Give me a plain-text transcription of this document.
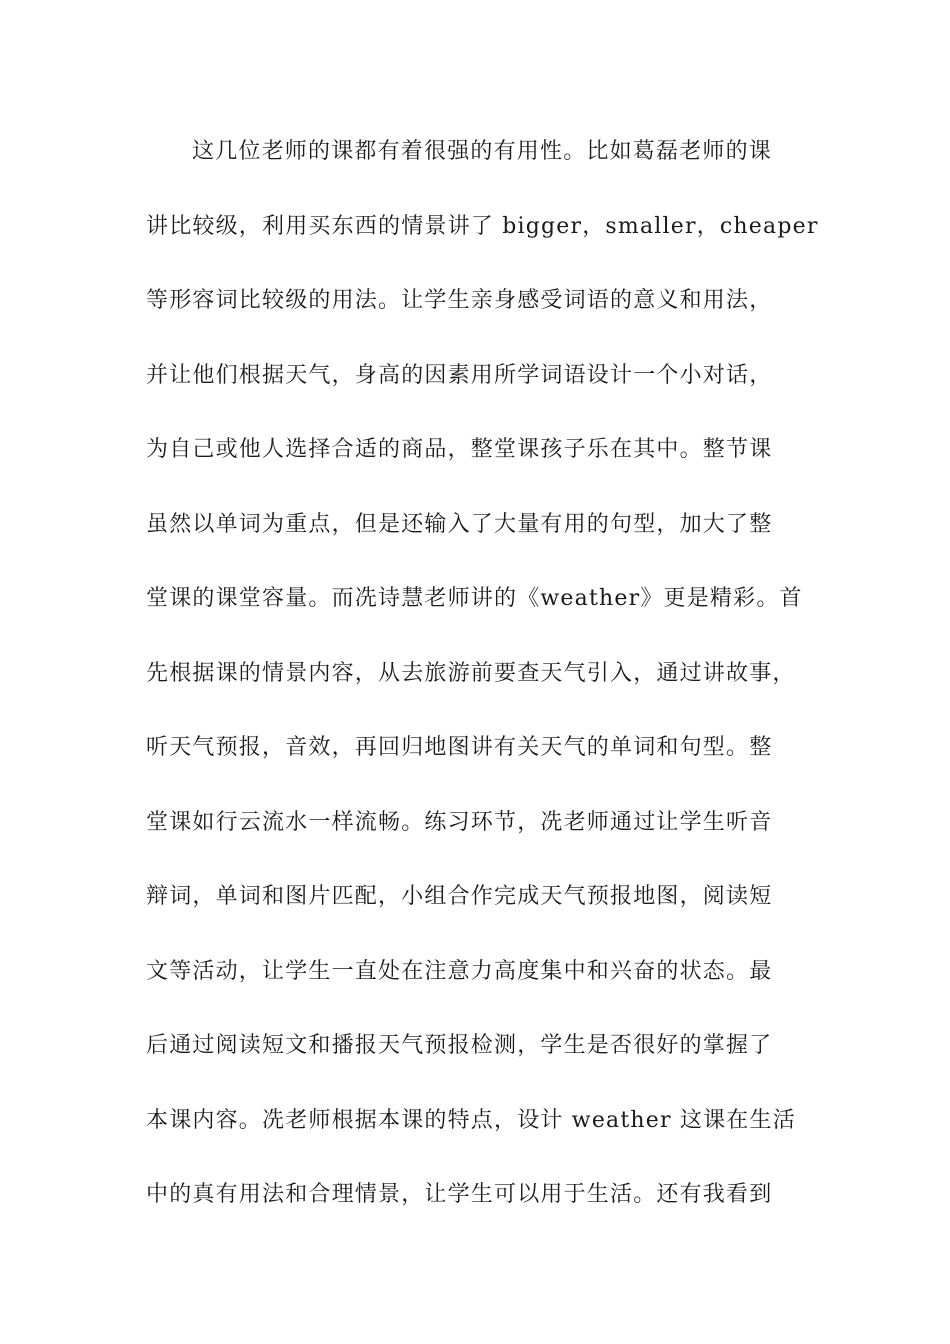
这几位老师的课都有着很强的有用性。比如葛磊老师的课
讲比较级，利用买东西的情景讲了 bigger，smaller，cheaper
等形容词比较级的用法。让学生亲身感受词语的意义和用法，
并让他们根据天气，身高的因素用所学词语设计一个小对话，
为自己或他人选择合适的商品，整堂课孩子乐在其中。整节课
虽然以单词为重点，但是还输入了大量有用的句型，加大了整
堂课的课堂容量。而冼诗慧老师讲的《weather》更是精彩。首
先根据课的情景内容，从去旅游前要查天气引入，通过讲故事，
听天气预报，音效，再回归地图讲有关天气的单词和句型。整
堂课如行云流水一样流畅。练习环节，冼老师通过让学生听音
辩词，单词和图片匹配，小组合作完成天气预报地图，阅读短
文等活动，让学生一直处在注意力高度集中和兴奋的状态。最
后通过阅读短文和播报天气预报检测，学生是否很好的掌握了
本课内容。冼老师根据本课的特点，设计 weather 这课在生活
中的真有用法和合理情景，让学生可以用于生活。还有我看到
